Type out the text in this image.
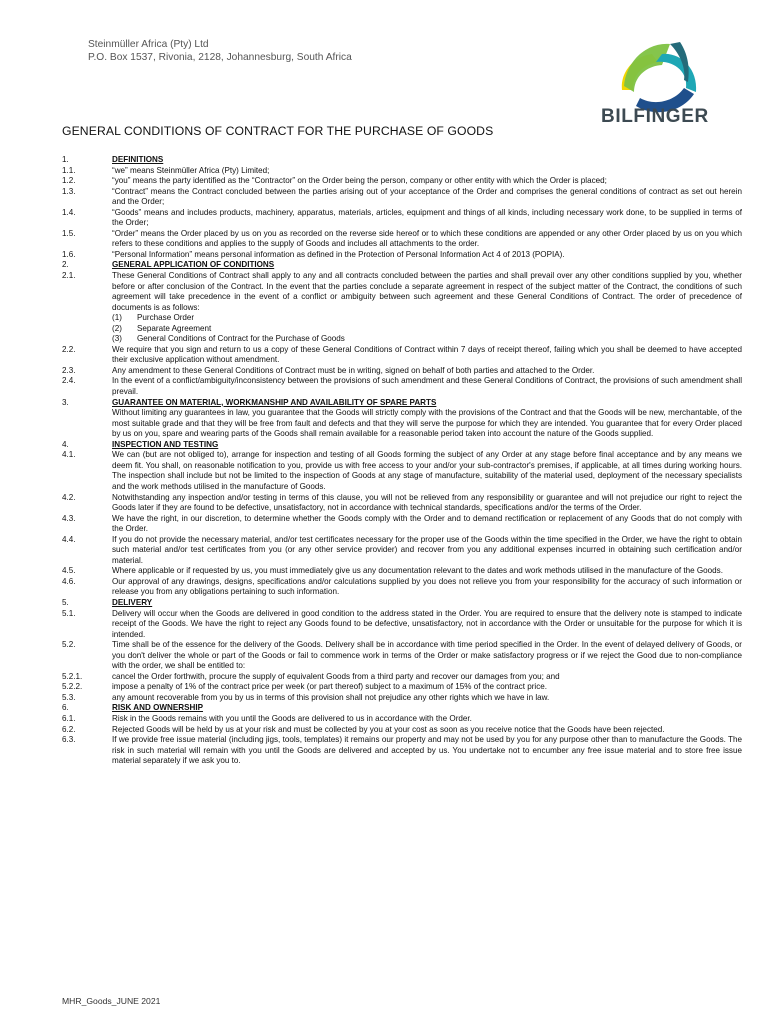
Steinmüller Africa (Pty) Ltd
P.O. Box 1537, Rivonia, 2128, Johannesburg, South Africa
BILFINGER
GENERAL CONDITIONS OF CONTRACT FOR THE PURCHASE OF GOODS
1.	DEFINITIONS
1.1.	“we” means Steinmüller Africa (Pty) Limited;
1.2.	“you” means the party identified as the “Contractor” on the Order being the person, company or other entity with which the Order is placed;
1.3.	“Contract” means the Contract concluded between the parties arising out of your acceptance of the Order and comprises the general conditions of contract as set out herein and the Order;
1.4.	“Goods” means and includes products, machinery, apparatus, materials, articles, equipment and things of all kinds, including necessary work done, to be supplied in terms of the Order;
1.5.	“Order” means the Order placed by us on you as recorded on the reverse side hereof or to which these conditions are appended or any other Order placed by us on you which refers to these conditions and applies to the supply of Goods and includes all attachments to the order.
1.6.	“Personal Information” means personal information as defined in the Protection of Personal Information Act 4 of 2013 (POPIA).
2.	GENERAL APPLICATION OF CONDITIONS
2.1.	These General Conditions of Contract shall apply to any and all contracts concluded between the parties and shall prevail over any other conditions supplied by you, whether before or after conclusion of the Contract. In the event that the parties conclude a separate agreement in respect of the subject matter of the Contract, the conditions of such agreement will take precedence in the event of a conflict or ambiguity between such agreement and these General Conditions of Contract. The order of precedence of documents is as follows:
(1)	Purchase Order
(2)	Separate Agreement
(3)	General Conditions of Contract for the Purchase of Goods
2.2.	We require that you sign and return to us a copy of these General Conditions of Contract within 7 days of receipt thereof, failing which you shall be deemed to have accepted their exclusive application without amendment.
2.3.	Any amendment to these General Conditions of Contract must be in writing, signed on behalf of both parties and attached to the Order.
2.4.	In the event of a conflict/ambiguity/inconsistency between the provisions of such amendment and these General Conditions of Contract, the provisions of such amendment shall prevail.
3.	GUARANTEE ON MATERIAL, WORKMANSHIP AND AVAILABILITY OF SPARE PARTS
Without limiting any guarantees in law, you guarantee that the Goods will strictly comply with the provisions of the Contract and that the Goods will be new, merchantable, of the most suitable grade and that they will be free from fault and defects and that they will serve the purpose for which they are intended. You guarantee that for every Order placed by us on you, spare and wearing parts of the Goods shall remain available for a reasonable period taken into account the nature of the Goods supplied.
4.	INSPECTION AND TESTING
4.1.	We can (but are not obliged to), arrange for inspection and testing of all Goods forming the subject of any Order at any stage before final acceptance and by any means we deem fit. You shall, on reasonable notification to you, provide us with free access to your and/or your sub-contractor's premises, if applicable, at all times during working hours. The inspection shall include but not be limited to the inspection of Goods at any stage of manufacture, suitability of the material used, deployment of the necessary specialists and the work methods utilised in the manufacture of Goods.
4.2.	Notwithstanding any inspection and/or testing in terms of this clause, you will not be relieved from any responsibility or guarantee and will not prejudice our right to reject the Goods later if they are found to be defective, unsatisfactory, not in accordance with technical standards, specifications and/or the terms of the Order.
4.3.	We have the right, in our discretion, to determine whether the Goods comply with the Order and to demand rectification or replacement of any Goods that do not comply with the Order.
4.4.	If you do not provide the necessary material, and/or test certificates necessary for the proper use of the Goods within the time specified in the Order, we have the right to obtain such material and/or test certificates from you (or any other service provider) and recover from you any additional expenses incurred in obtaining such certification and/or material.
4.5.	Where applicable or if requested by us, you must immediately give us any documentation relevant to the dates and work methods utilised in the manufacture of the Goods.
4.6.	Our approval of any drawings, designs, specifications and/or calculations supplied by you does not relieve you from your responsibility for the accuracy of such information or release you from any obligations pertaining to such information.
5.	DELIVERY
5.1.	Delivery will occur when the Goods are delivered in good condition to the address stated in the Order. You are required to ensure that the delivery note is stamped to indicate receipt of the Goods. We have the right to reject any Goods found to be defective, unsatisfactory, not in accordance with the Order or unsuitable for the purpose for which it is intended.
5.2.	Time shall be of the essence for the delivery of the Goods. Delivery shall be in accordance with time period specified in the Order. In the event of delayed delivery of Goods, or you don't deliver the whole or part of the Goods or fail to commence work in terms of the Order or make satisfactory progress or if we reject the Good due to non-compliance with the order, we shall be entitled to:
5.2.1.	cancel the Order forthwith, procure the supply of equivalent Goods from a third party and recover our damages from you; and
5.2.2.	impose a penalty of 1% of the contract price per week (or part thereof) subject to a maximum of 15% of the contract price.
5.3.	any amount recoverable from you by us in terms of this provision shall not prejudice any other rights which we have in law.
6.	RISK AND OWNERSHIP
6.1.	Risk in the Goods remains with you until the Goods are delivered to us in accordance with the Order.
6.2.	Rejected Goods will be held by us at your risk and must be collected by you at your cost as soon as you receive notice that the Goods have been rejected.
6.3.	If we provide free issue material (including jigs, tools, templates) it remains our property and may not be used by you for any purpose other than to manufacture the Goods. The risk in such material will remain with you until the Goods are delivered and accepted by us. You undertake not to encumber any free issue material and to store free issue material separately if we ask you to.
MHR_Goods_JUNE 2021
